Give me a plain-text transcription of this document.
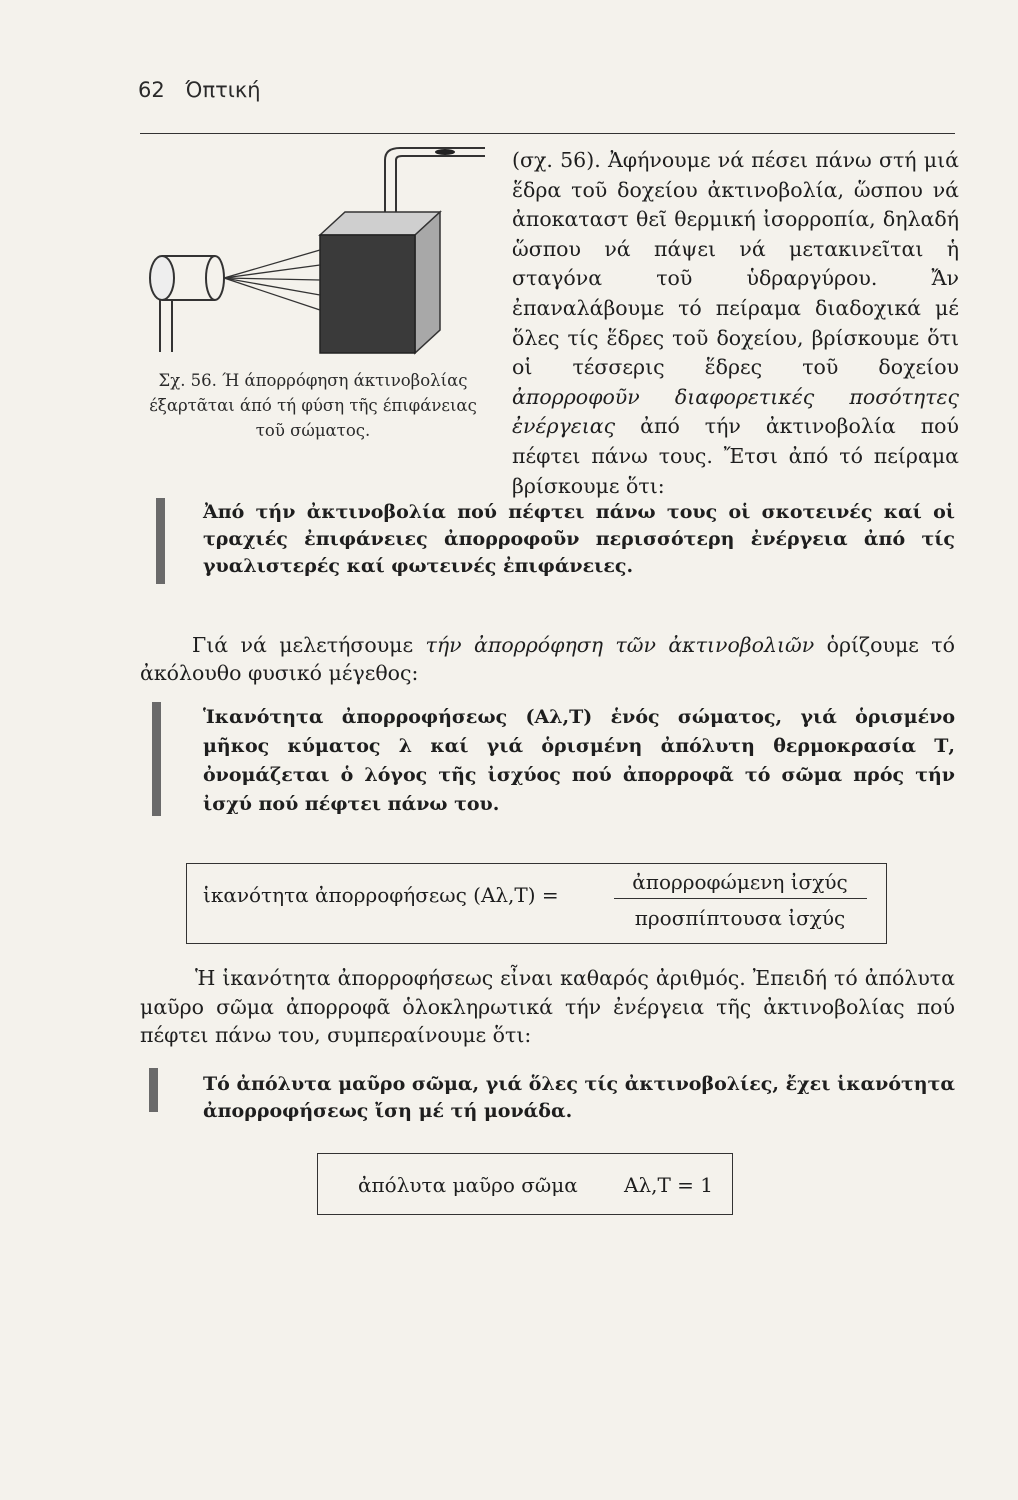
62 Όπτική
Σχ. 56. Ή άπορρόφηση άκτινοβολίας έξαρτᾶται άπό τή φύση τῆς έπιφάνειας τοῦ σώματος.

(σχ. 56). Ἀφήνουμε νά πέσει πάνω στή μιά ἕδρα τοῦ δοχείου ἀκτινοβολία, ὥσπου νά ἀποκαταστ θεῖ θερμική ἰσορροπία, δηλαδή ὥσπου νά πάψει νά μετακινεῖται ἡ σταγόνα τοῦ ὑδραργύρου. Ἄν ἐπαναλάβουμε τό πείραμα διαδοχικά μέ ὅλες τίς ἕδρες τοῦ δοχείου, βρίσκουμε ὅτι οἱ τέσσερις ἕδρες τοῦ δοχείου ἀπορροφοῦν διαφορετικές ποσότητες ἐνέργειας ἀπό τήν ἀκτινοβολία πού πέφτει πάνω τους. Ἔτσι ἀπό τό πείραμα βρίσκουμε ὅτι:

Ἀπό τήν ἀκτινοβολία πού πέφτει πάνω τους οἱ σκοτεινές καί οἱ τραχιές ἐπιφάνειες ἀπορροφοῦν περισσότερη ἐνέργεια ἀπό τίς γυαλιστερές καί φωτεινές ἐπιφάνειες.
Γιά νά μελετήσουμε τήν ἀπορρόφηση τῶν ἀκτινοβολιῶν ὁρίζουμε τό ἀκόλουθο φυσικό μέγεθος:
Ἱκανότητα ἀπορροφήσεως (Αλ,Τ) ἑνός σώματος, γιά ὁρισμένο μῆκος κύματος λ καί γιά ὁρισμένη ἀπόλυτη θερμοκρασία Τ, ὀνομάζεται ὁ λόγος τῆς ἰσχύος πού ἀπορροφᾶ τό σῶμα πρός τήν ἰσχύ πού πέφτει πάνω του.
ἱκανότητα ἀπορροφήσεως (Αλ,Τ) =
ἀπορροφώμενη ἰσχύς
προσπίπτουσα ἰσχύς
Ἡ ἱκανότητα ἀπορροφήσεως εἶναι καθαρός ἀριθμός. Ἐπειδή τό ἀπόλυτα μαῦρο σῶμα ἀπορροφᾶ ὁλοκληρωτικά τήν ἐνέργεια τῆς ἀκτινοβολίας πού πέφτει πάνω του, συμπεραίνουμε ὅτι:
Τό ἀπόλυτα μαῦρο σῶμα, γιά ὅλες τίς ἀκτινοβολίες, ἔχει ἱκανότητα ἀπορροφήσεως ἴση μέ τή μονάδα.
ἀπόλυτα μαῦρο σῶμα Αλ,Τ = 1
